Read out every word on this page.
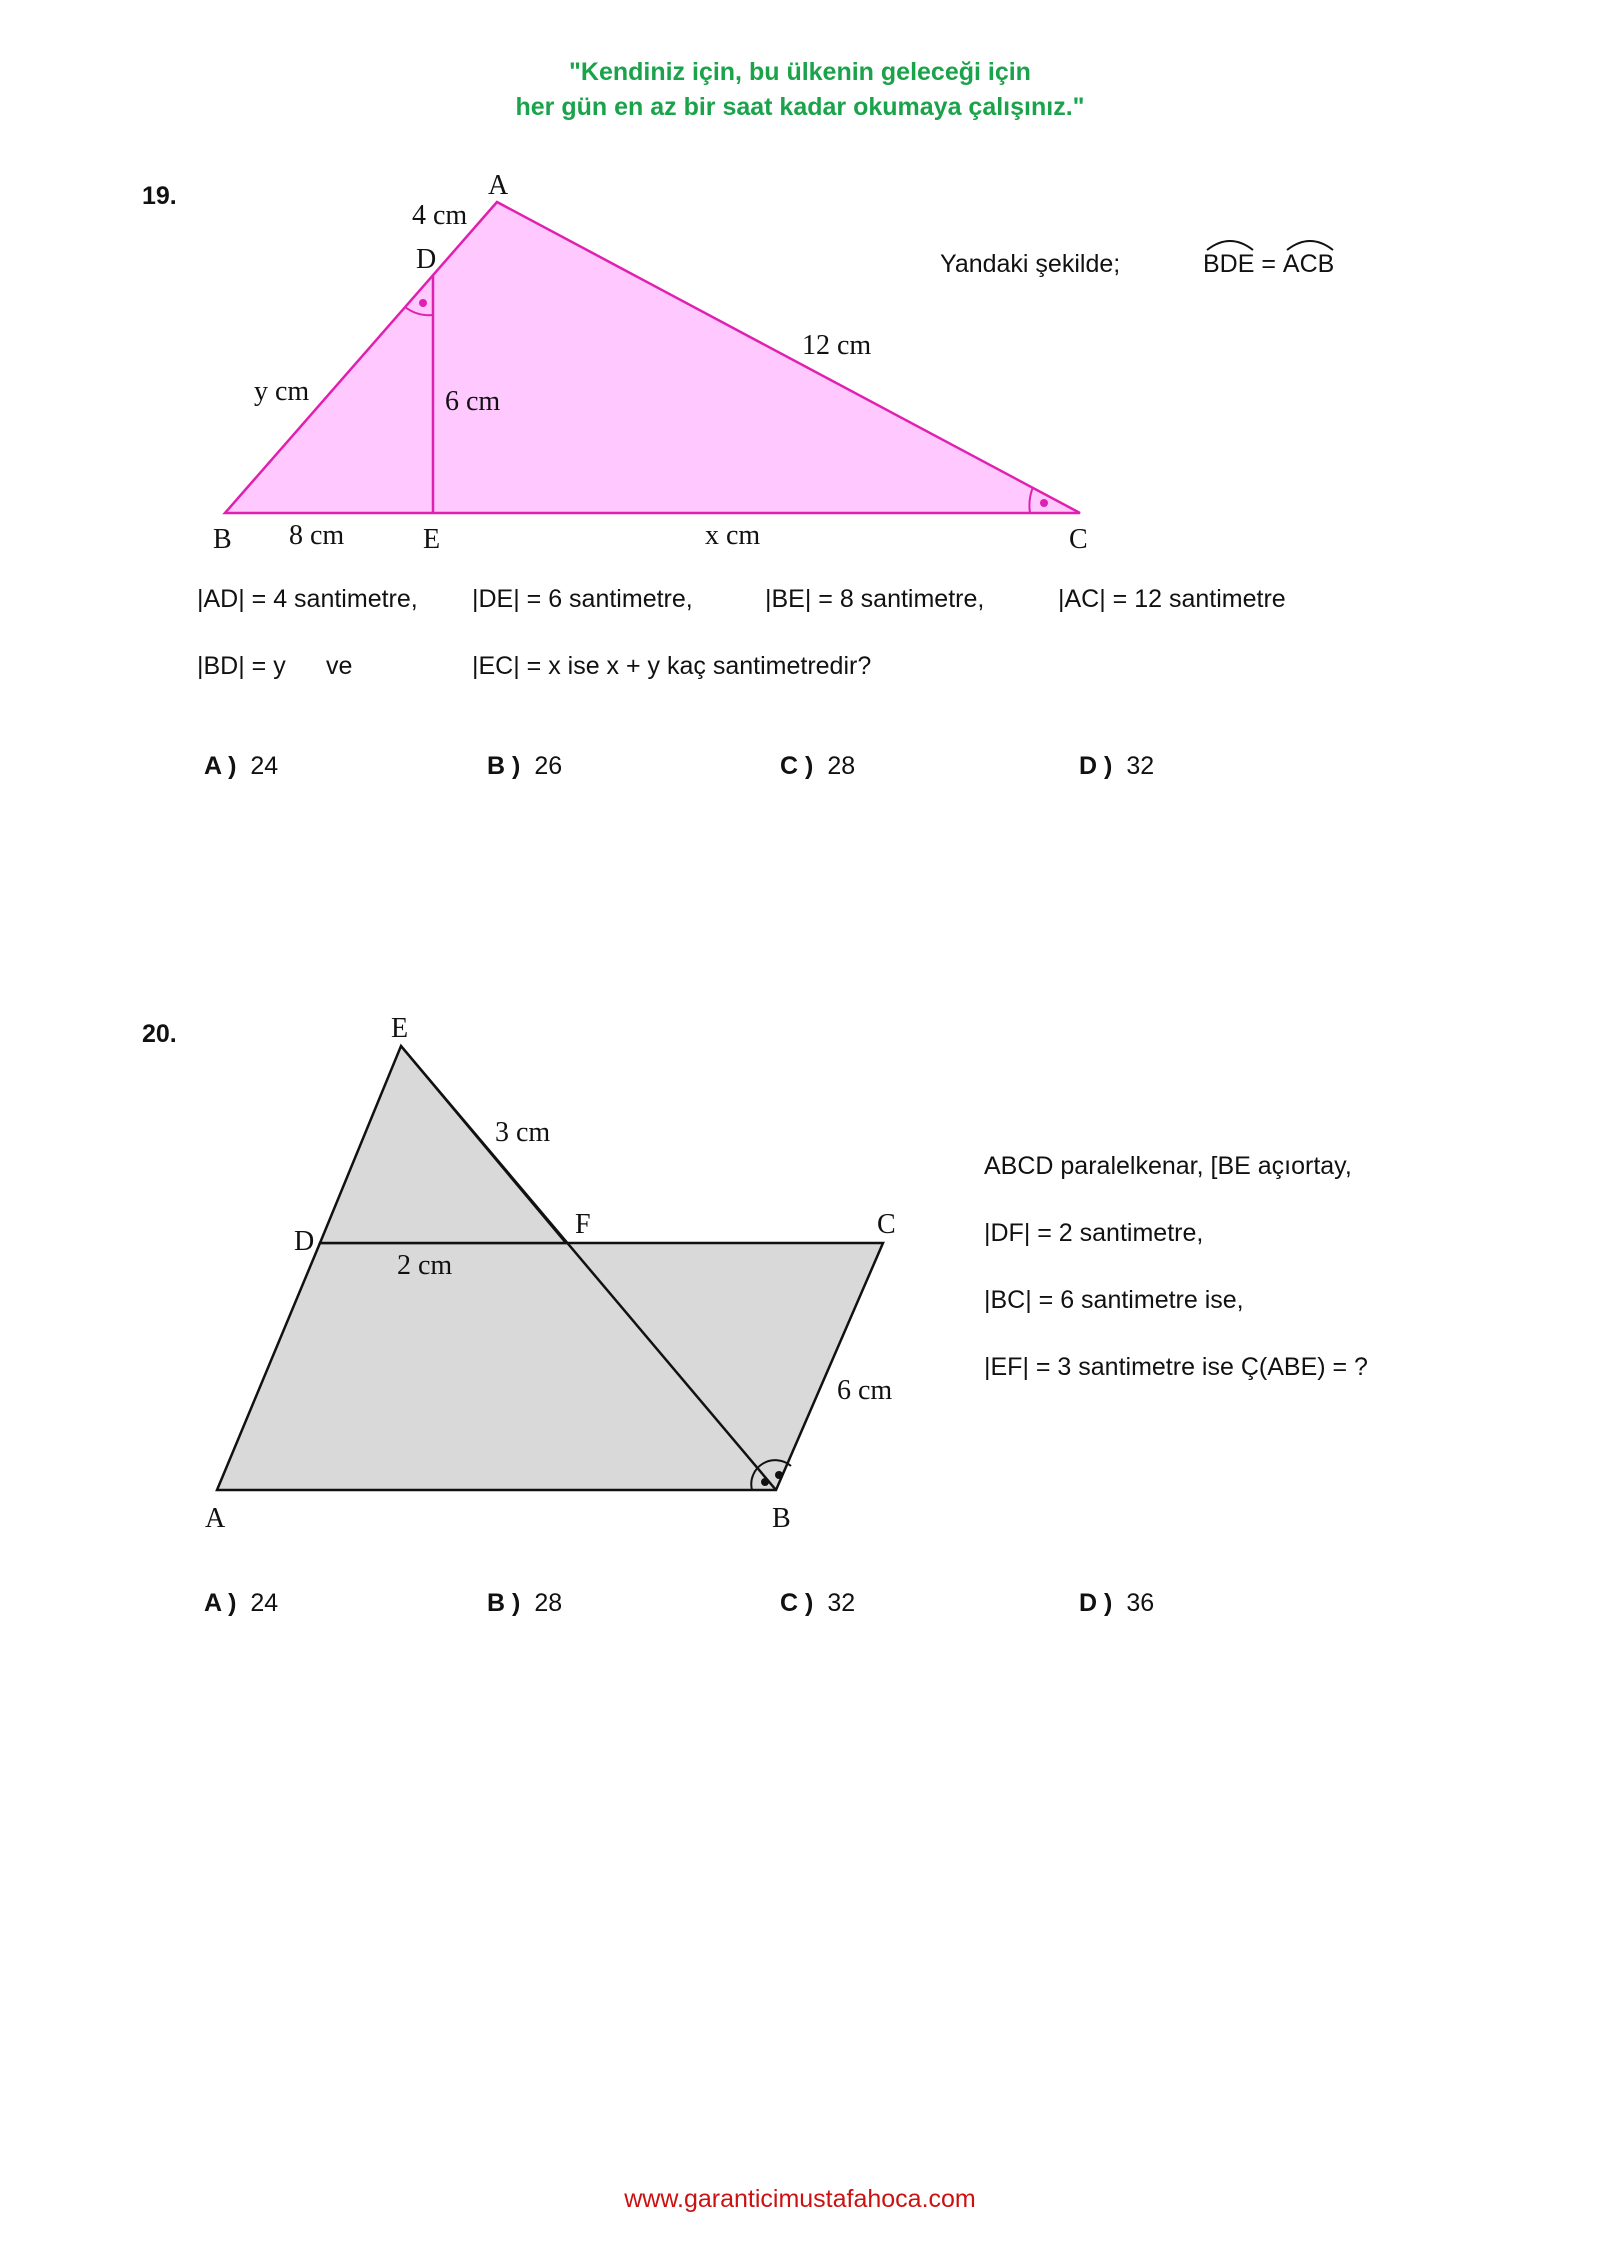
"Kendiniz için, bu ülkenin geleceği için
her gün en az bir saat kadar okumaya çalışınız."
19.	A
B	C
D
E
4 cm
12 cm
y cm	6 cm
8 cm	x cm
E
D
F	C
A	B
3 cm
2 cm
6 cm
Yandaki şekilde;	BDE =
ACB
|AD| = 4 santimetre, |DE| = 6 santimetre,	|BE| = 8 santimetre,	|AC| = 12 santimetre
|BD| = y ve	|EC| = x ise x + y kaç santimetredir?
A ) 24	B ) 26	C ) 28	D ) 32
20.
ABCD paralelkenar, [BE açıortay,
|DF| = 2 santimetre,
|BC| = 6 santimetre ise,
|EF| = 3 santimetre ise Ç(ABE) = ?
A ) 24	B ) 28	C ) 32	D ) 36
www.garanticimustafahoca.com
